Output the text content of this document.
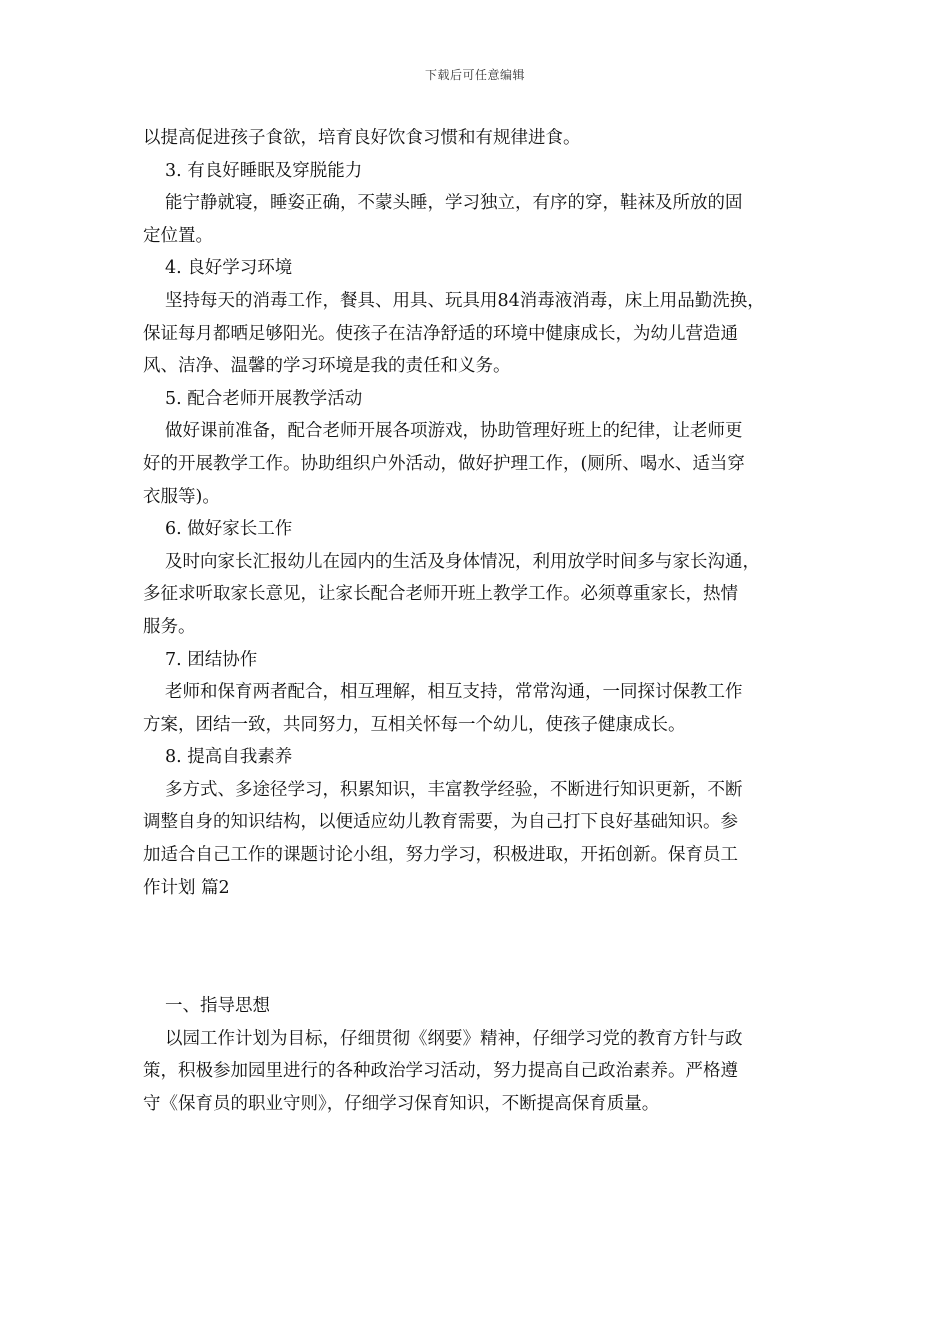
下载后可任意编辑
以提高促进孩子食欲，培育良好饮食习惯和有规律进食。
3. 有良好睡眠及穿脱能力
能宁静就寝，睡姿正确，不蒙头睡，学习独立，有序的穿，鞋袜及所放的固
定位置。
4. 良好学习环境
坚持每天的消毒工作，餐具、用具、玩具用84消毒液消毒，床上用品勤洗换，
保证每月都晒足够阳光。使孩子在洁净舒适的环境中健康成长，为幼儿营造通
风、洁净、温馨的学习环境是我的责任和义务。
5. 配合老师开展教学活动
做好课前准备，配合老师开展各项游戏，协助管理好班上的纪律，让老师更
好的开展教学工作。协助组织户外活动，做好护理工作，(厕所、喝水、适当穿
衣服等)。
6. 做好家长工作
及时向家长汇报幼儿在园内的生活及身体情况，利用放学时间多与家长沟通，
多征求听取家长意见，让家长配合老师开班上教学工作。必须尊重家长，热情
服务。
7. 团结协作
老师和保育两者配合，相互理解，相互支持，常常沟通，一同探讨保教工作
方案，团结一致，共同努力，互相关怀每一个幼儿，使孩子健康成长。
8. 提高自我素养
多方式、多途径学习，积累知识，丰富教学经验，不断进行知识更新，不断
调整自身的知识结构，以便适应幼儿教育需要，为自己打下良好基础知识。参
加适合自己工作的课题讨论小组，努力学习，积极进取，开拓创新。保育员工
作计划 篇2
一、指导思想
以园工作计划为目标，仔细贯彻《纲要》精神，仔细学习党的教育方针与政
策，积极参加园里进行的各种政治学习活动，努力提高自己政治素养。严格遵
守《保育员的职业守则》，仔细学习保育知识，不断提高保育质量。
